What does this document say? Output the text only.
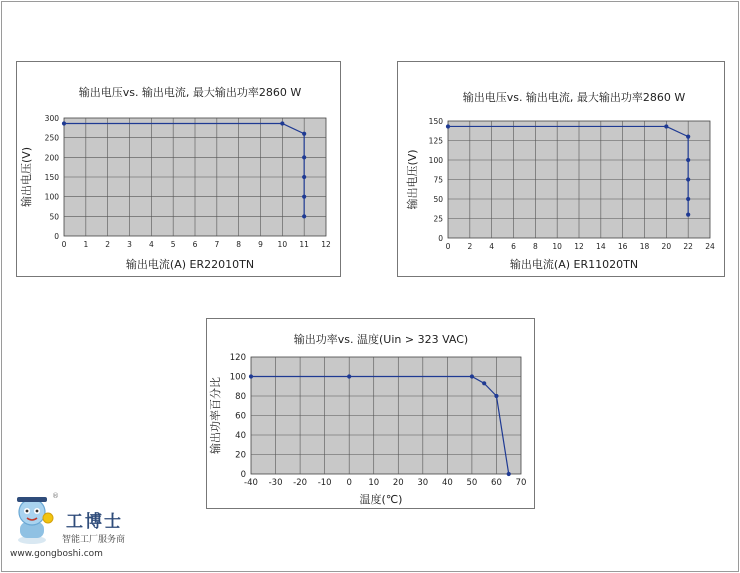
0 1 2 3 4 5 6 7 8 9 10 11 12
0
50
100
150
200
250
300
输出电压vs. 输出电流, 最大输出功率2860 W
输出电流(A) ER22010TN
输出电压(V)
0 2 4 6 8 10 12 14 16 18 20 22 24
0
25
50
75
100
125
150
输出电压vs. 输出电流, 最大输出功率2860 W
输出电流(A) ER11020TN
输出电压(V)
-40 -30 -20 -10 0 10 20 30 40 50 60 70
0
20
40
60
80
100
120
输出功率vs. 温度(Uin > 323 VAC)
温度(℃)
输出功率百分比
®
工博士
智能工厂服务商
www.gongboshi.com
